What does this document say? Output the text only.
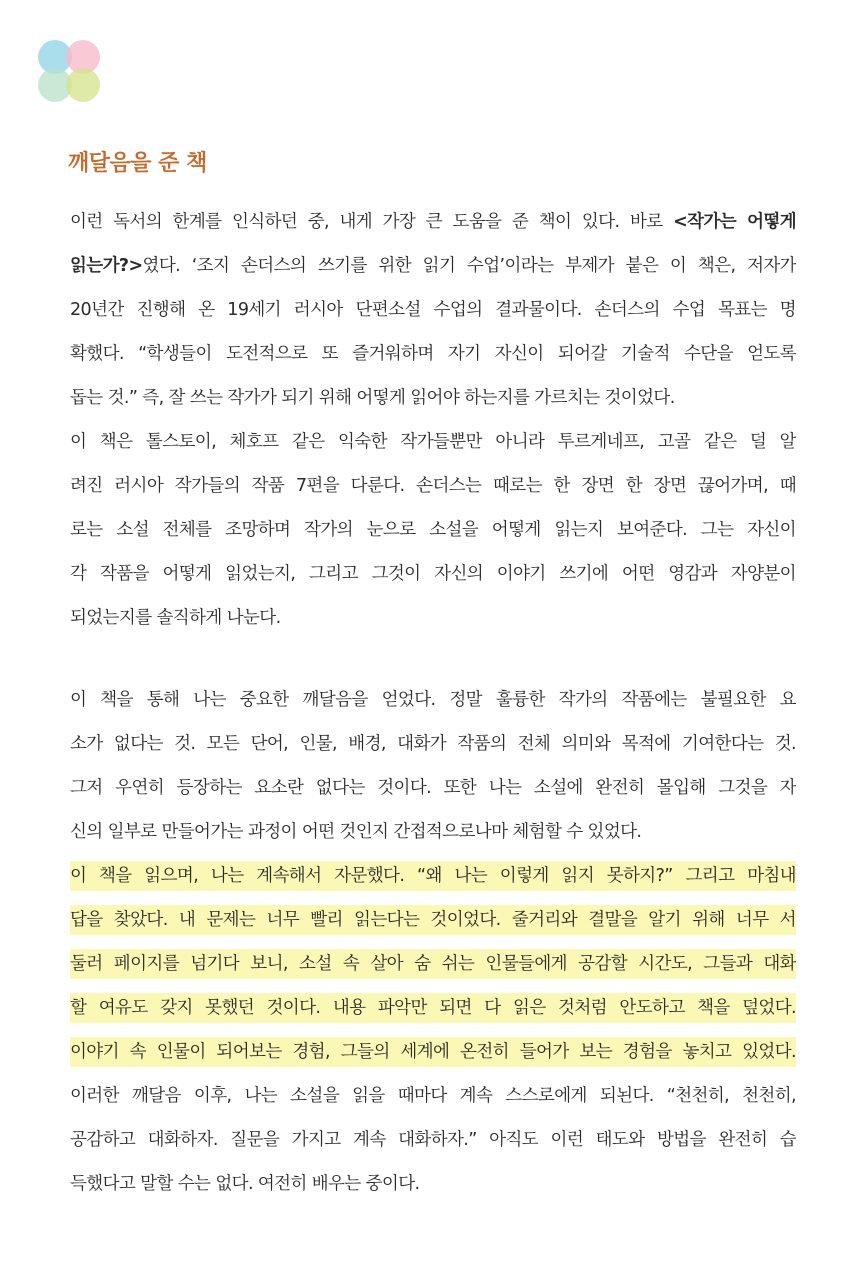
깨달음을 준 책
이런 독서의 한계를 인식하던 중, 내게 가장 큰 도움을 준 책이 있다. 바로 <작가는 어떻게
읽는가?>였다. ‘조지 손더스의 쓰기를 위한 읽기 수업’이라는 부제가 붙은 이 책은, 저자가
20년간 진행해 온 19세기 러시아 단편소설 수업의 결과물이다. 손더스의 수업 목표는 명
확했다. “학생들이 도전적으로 또 즐거워하며 자기 자신이 되어갈 기술적 수단을 얻도록
돕는 것.” 즉, 잘 쓰는 작가가 되기 위해 어떻게 읽어야 하는지를 가르치는 것이었다.
이 책은 톨스토이, 체호프 같은 익숙한 작가들뿐만 아니라 투르게네프, 고골 같은 덜 알
려진 러시아 작가들의 작품 7편을 다룬다. 손더스는 때로는 한 장면 한 장면 끊어가며, 때
로는 소설 전체를 조망하며 작가의 눈으로 소설을 어떻게 읽는지 보여준다. 그는 자신이
각 작품을 어떻게 읽었는지, 그리고 그것이 자신의 이야기 쓰기에 어떤 영감과 자양분이
되었는지를 솔직하게 나눈다.
이 책을 통해 나는 중요한 깨달음을 얻었다. 정말 훌륭한 작가의 작품에는 불필요한 요
소가 없다는 것. 모든 단어, 인물, 배경, 대화가 작품의 전체 의미와 목적에 기여한다는 것.
그저 우연히 등장하는 요소란 없다는 것이다. 또한 나는 소설에 완전히 몰입해 그것을 자
신의 일부로 만들어가는 과정이 어떤 것인지 간접적으로나마 체험할 수 있었다.
이 책을 읽으며, 나는 계속해서 자문했다. “왜 나는 이렇게 읽지 못하지?” 그리고 마침내
답을 찾았다. 내 문제는 너무 빨리 읽는다는 것이었다. 줄거리와 결말을 알기 위해 너무 서
둘러 페이지를 넘기다 보니, 소설 속 살아 숨 쉬는 인물들에게 공감할 시간도, 그들과 대화
할 여유도 갖지 못했던 것이다. 내용 파악만 되면 다 읽은 것처럼 안도하고 책을 덮었다.
이야기 속 인물이 되어보는 경험, 그들의 세계에 온전히 들어가 보는 경험을 놓치고 있었다.
이러한 깨달음 이후, 나는 소설을 읽을 때마다 계속 스스로에게 되뇐다. “천천히, 천천히,
공감하고 대화하자. 질문을 가지고 계속 대화하자.” 아직도 이런 태도와 방법을 완전히 습
득했다고 말할 수는 없다. 여전히 배우는 중이다.
